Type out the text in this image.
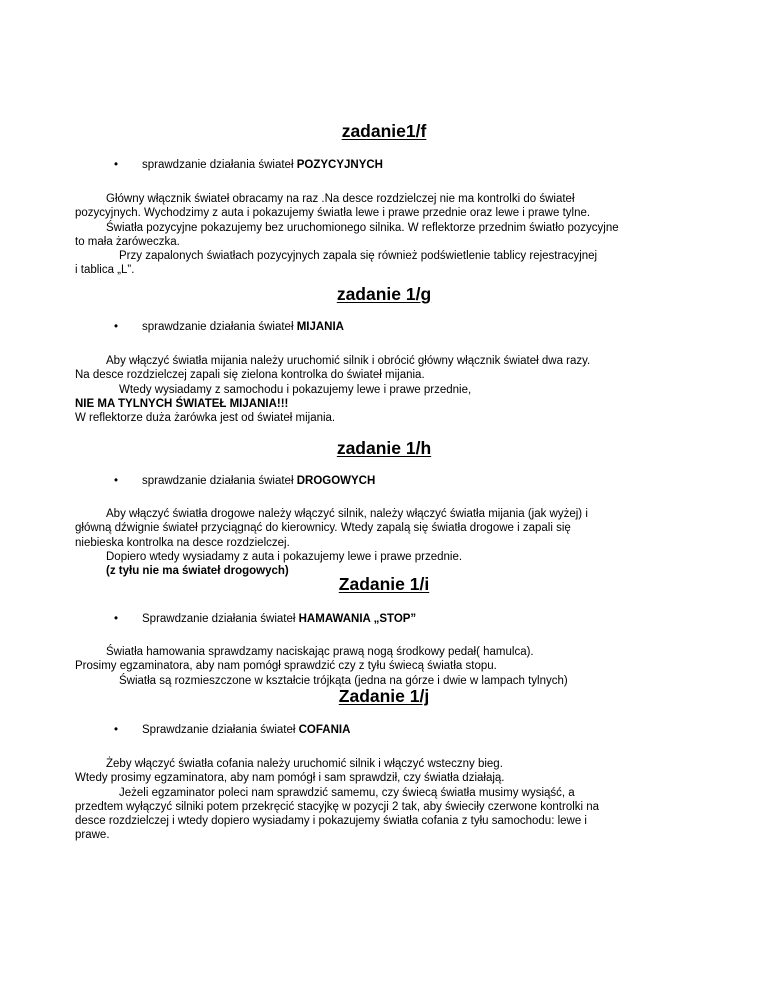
zadanie1/f
• sprawdzanie działania świateł POZYCYJNYCH
Główny włącznik świateł obracamy na raz .Na desce rozdzielczej nie ma kontrolki do świateł
pozycyjnych. Wychodzimy z auta i pokazujemy światła lewe i prawe przednie oraz lewe i prawe tylne.
Światła pozycyjne pokazujemy bez uruchomionego silnika. W reflektorze przednim światło pozycyjne
to mała żaróweczka.
Przy zapalonych światłach pozycyjnych zapala się również podświetlenie tablicy rejestracyjnej
i tablica „L”.
zadanie 1/g
• sprawdzanie działania świateł MIJANIA
Aby włączyć światła mijania należy uruchomić silnik i obrócić główny włącznik świateł dwa razy.
Na desce rozdzielczej zapali się zielona kontrolka do świateł mijania.
Wtedy wysiadamy z samochodu i pokazujemy lewe i prawe przednie,
NIE MA TYLNYCH ŚWIATEŁ MIJANIA!!!
W reflektorze duża żarówka jest od świateł mijania.
zadanie 1/h
• sprawdzanie działania świateł DROGOWYCH
Aby włączyć światła drogowe należy włączyć silnik, należy włączyć światła mijania (jak wyżej) i
główną dźwignie świateł przyciągnąć do kierownicy. Wtedy zapalą się światła drogowe i zapali się
niebieska kontrolka na desce rozdzielczej.
Dopiero wtedy wysiadamy z auta i pokazujemy lewe i prawe przednie.
(z tyłu nie ma świateł drogowych)
Zadanie 1/i
• Sprawdzanie działania świateł HAMAWANIA „STOP”
Światła hamowania sprawdzamy naciskając prawą nogą środkowy pedał( hamulca).
Prosimy egzaminatora, aby nam pomógł sprawdzić czy z tyłu świecą światła stopu.
Światła są rozmieszczone w kształcie trójkąta (jedna na górze i dwie w lampach tylnych)
Zadanie 1/j
• Sprawdzanie działania świateł COFANIA
Żeby włączyć światła cofania należy uruchomić silnik i włączyć wsteczny bieg.
Wtedy prosimy egzaminatora, aby nam pomógł i sam sprawdził, czy światła działają.
Jeżeli egzaminator poleci nam sprawdzić samemu, czy świecą światła musimy wysiąść, a
przedtem wyłączyć silniki potem przekręcić stacyjkę w pozycji 2 tak, aby świeciły czerwone kontrolki na
desce rozdzielczej i wtedy dopiero wysiadamy i pokazujemy światła cofania z tyłu samochodu: lewe i
prawe.
